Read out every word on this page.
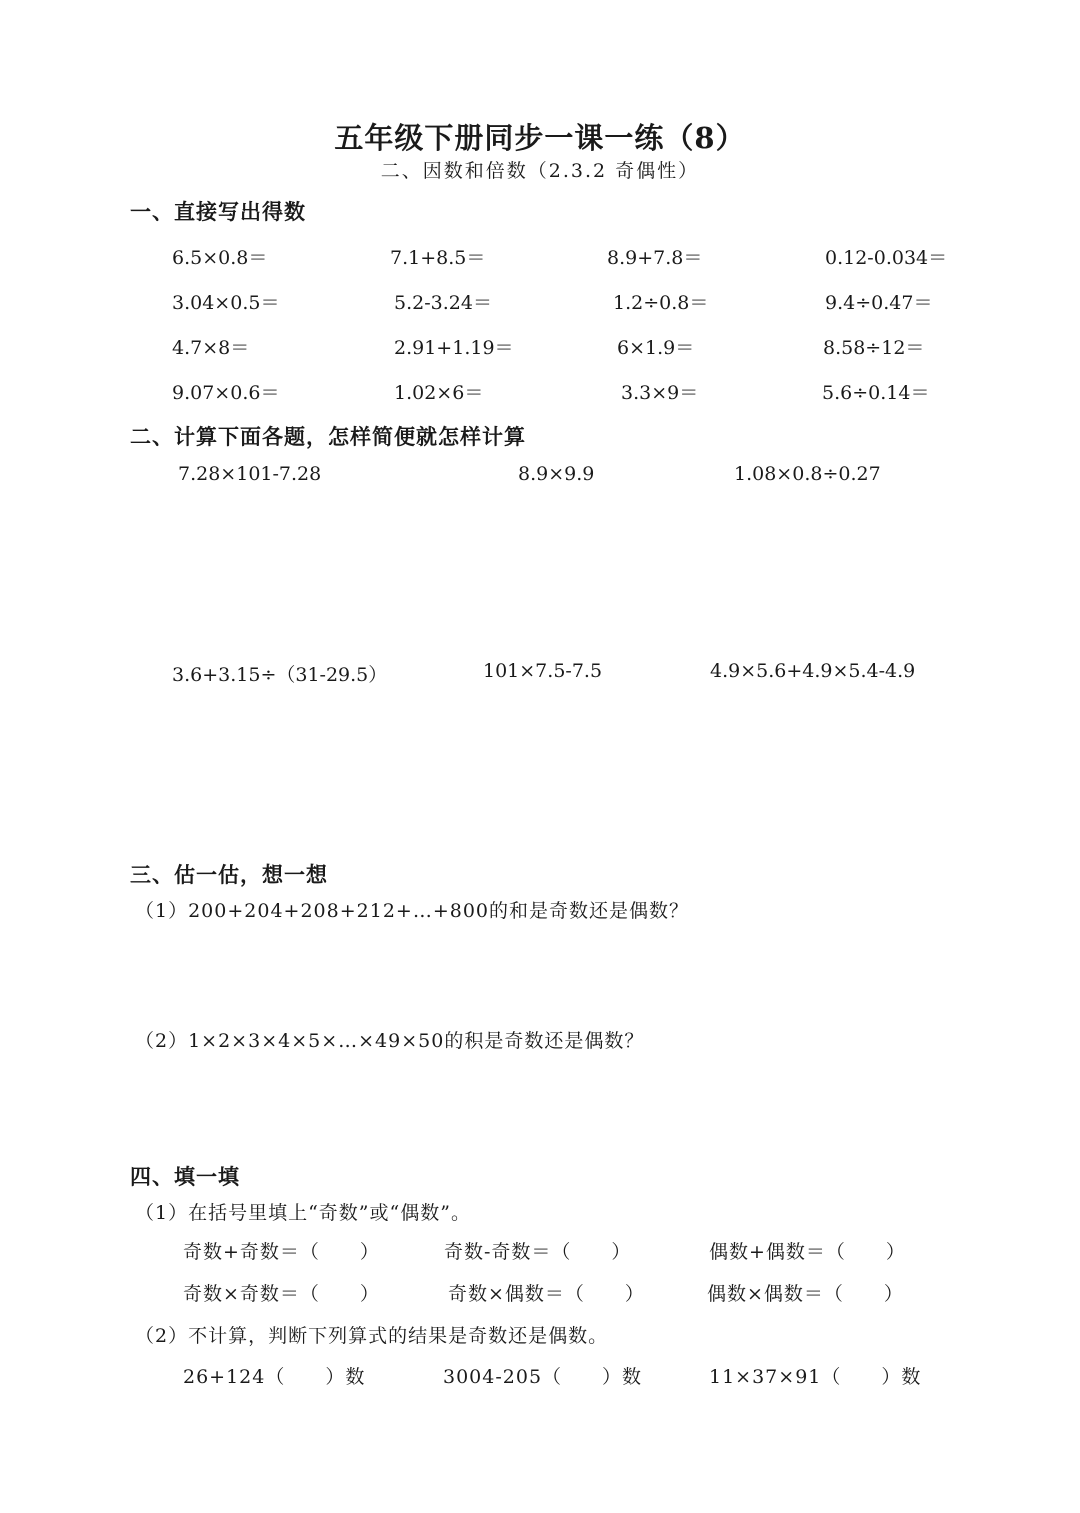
五年级下册同步一课一练（8）
二、因数和倍数（2.3.2 奇偶性）
一、直接写出得数
6.5×0.8＝	7.1+8.5＝	8.9+7.8＝	0.12-0.034＝
3.04×0.5＝	5.2-3.24＝	1.2÷0.8＝	9.4÷0.47＝
4.7×8＝	2.91+1.19＝	6×1.9＝	8.58÷12＝
9.07×0.6＝	1.02×6＝	3.3×9＝	5.6÷0.14＝
二、计算下面各题，怎样简便就怎样计算
7.28×101-7.28	8.9×9.9	1.08×0.8÷0.27
3.6+3.15÷（31-29.5）	101×7.5-7.5	4.9×5.6+4.9×5.4-4.9
三、估一估，想一想
（1）200+204+208+212+…+800的和是奇数还是偶数？
（2）1×2×3×4×5×…×49×50的积是奇数还是偶数？
四、填一填
（1）在括号里填上“奇数”或“偶数”。
奇数+奇数＝（　　）	奇数-奇数＝（　　）	偶数+偶数＝（　　）
奇数×奇数＝（　　）	奇数×偶数＝（　　）	偶数×偶数＝（　　）
（2）不计算，判断下列算式的结果是奇数还是偶数。
26+124（　　）数	3004-205（　　）数	11×37×91（　　）数
